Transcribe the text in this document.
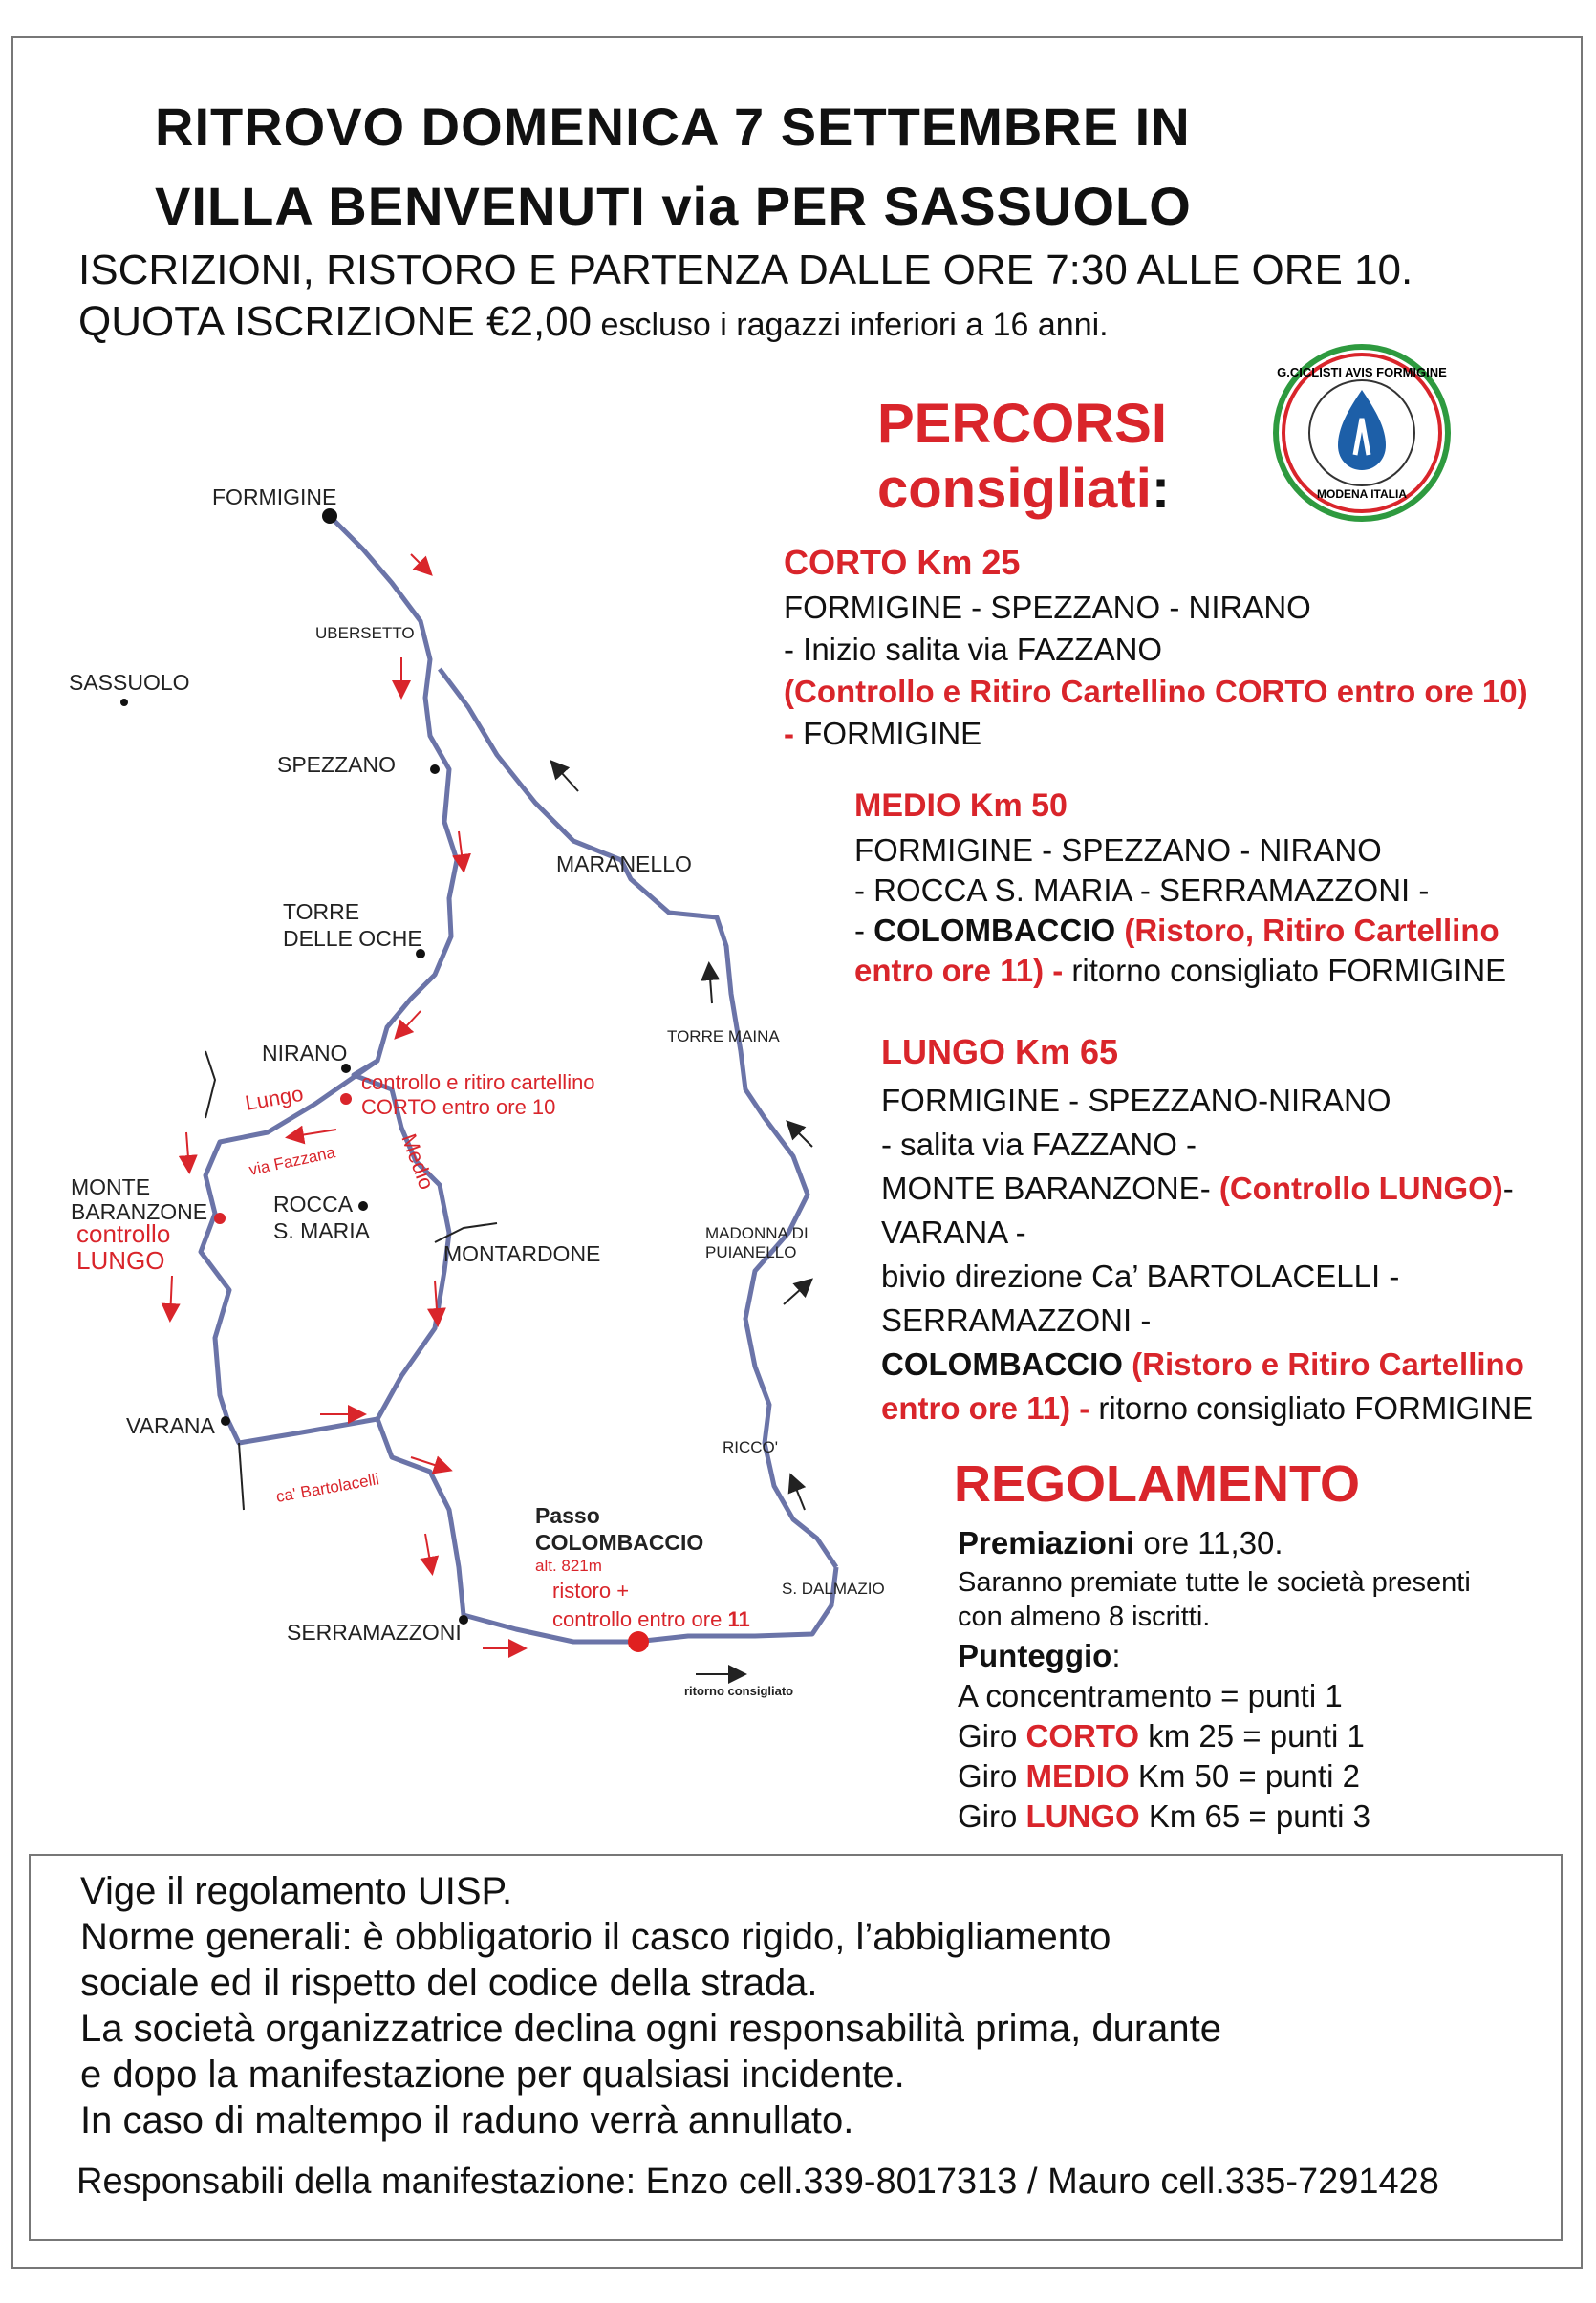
RITROVO DOMENICA 7 SETTEMBRE IN
VILLA BENVENUTI via PER SASSUOLO
ISCRIZIONI, RISTORO E PARTENZA DALLE ORE 7:30 ALLE ORE 10.
QUOTA ISCRIZIONE €2,00 escluso i ragazzi inferiori a 16 anni.
G.CICLISTI AVIS FORMIGINE
MODENA ITALIA
PERCORSI
consigliati:
CORTO Km 25
FORMIGINE - SPEZZANO - NIRANO
- Inizio salita via FAZZANO
(Controllo e Ritiro Cartellino CORTO entro ore 10)
- FORMIGINE
MEDIO Km 50
FORMIGINE - SPEZZANO - NIRANO
- ROCCA S. MARIA - SERRAMAZZONI -
- COLOMBACCIO (Ristoro, Ritiro Cartellino
entro ore 11) - ritorno consigliato FORMIGINE
LUNGO Km 65
FORMIGINE - SPEZZANO-NIRANO
- salita via FAZZANO -
MONTE BARANZONE- (Controllo LUNGO)-
VARANA -
bivio direzione Ca’ BARTOLACELLI -
SERRAMAZZONI -
COLOMBACCIO (Ristoro e Ritiro Cartellino
entro ore 11) - ritorno consigliato FORMIGINE
REGOLAMENTO
Premiazioni ore 11,30.
Saranno premiate tutte le società presenti
con almeno 8 iscritti.
Punteggio:
A concentramento = punti 1
Giro CORTO km 25 = punti 1
Giro MEDIO Km 50 = punti 2
Giro LUNGO Km 65 = punti 3
FORMIGINE
UBERSETTO
SASSUOLO
SPEZZANO
MARANELLO
TORRE
DELLE OCHE
TORRE MAINA
NIRANO
controllo e ritiro cartellino
CORTO entro ore 10
Lungo
via Fazzana	Medio
MONTE
BARANZONE
controllo
LUNGO
ROCCA
S. MARIA
MONTARDONE
MADONNA DI
PUIANELLO
VARANA
ca' Bartolacelli
RICCO'
Passo
COLOMBACCIO
alt. 821m
ristoro +
controllo entro ore 11
S. DALMAZIO
SERRAMAZZONI
ritorno consigliato
Vige il regolamento UISP.
Norme generali: è obbligatorio il casco rigido, l’abbigliamento
sociale ed il rispetto del codice della strada.
La società organizzatrice declina ogni responsabilità prima, durante
e dopo la manifestazione per qualsiasi incidente.
In caso di maltempo il raduno verrà annullato.
Responsabili della manifestazione: Enzo cell.339-8017313 / Mauro cell.335-7291428
